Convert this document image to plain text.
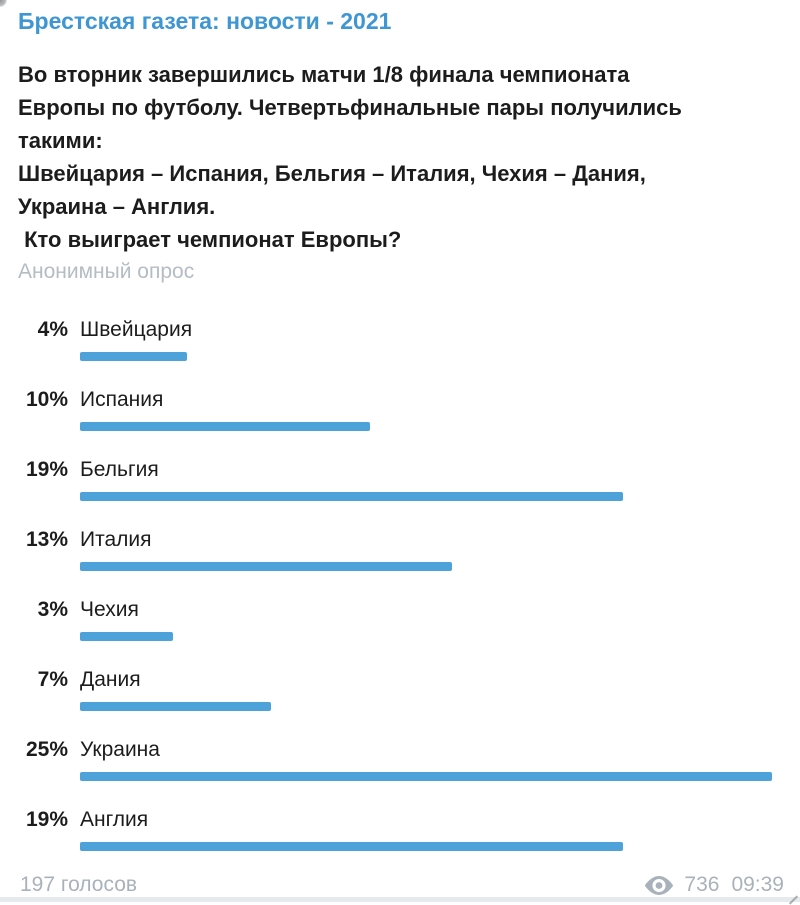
Брестская газета: новости - 2021
Во вторник завершились матчи 1/8 финала чемпионата
Европы по футболу. Четвертьфинальные пары получились
такими:
Швейцария – Испания, Бельгия – Италия, Чехия – Дания,
Украина – Англия.
Кто выиграет чемпионат Европы?
Анонимный опрос
4% Швейцария
10% Испания
19% Бельгия
13% Италия
3% Чехия
7% Дания
25% Украина
19% Англия
197 голосов	736 09:39
